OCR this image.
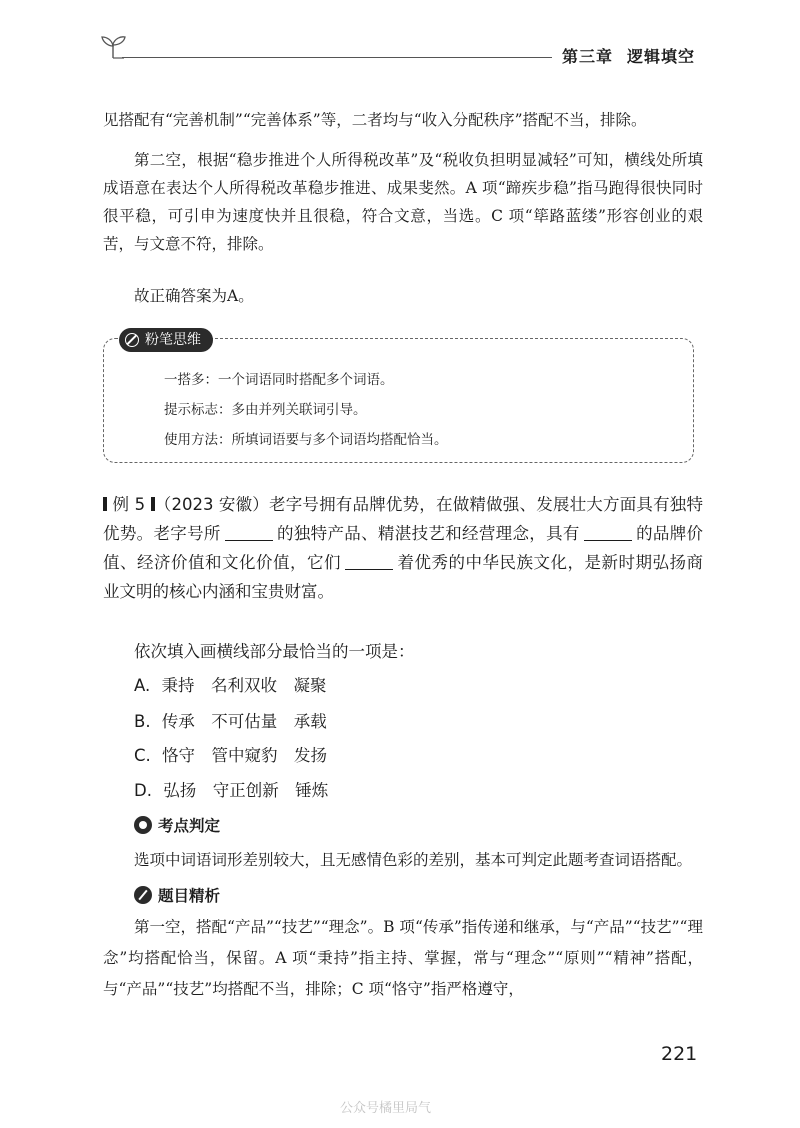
第三章 逻辑填空
见搭配有“完善机制”“完善体系”等，二者均与“收入分配秩序”搭配不当，排除。
第二空，根据“稳步推进个人所得税改革”及“税收负担明显减轻”可知，横线处所填成语意在表达个人所得税改革稳步推进、成果斐然。A 项“蹄疾步稳”指马跑得很快同时很平稳，可引申为速度快并且很稳，符合文意，当选。C 项“筚路蓝缕”形容创业的艰苦，与文意不符，排除。
故正确答案为A。
粉笔思维
一搭多：一个词语同时搭配多个词语。
提示标志：多由并列关联词引导。
使用方法：所填词语要与多个词语均搭配恰当。
例 5 （2023 安徽）老字号拥有品牌优势，在做精做强、发展壮大方面具有独特优势。老字号所	的独特产品、精湛技艺和经营理念，具有	的品牌价值、经济价值和文化价值，它们	着优秀的中华民族文化，是新时期弘扬商业文明的核心内涵和宝贵财富。
依次填入画横线部分最恰当的一项是：
A. 秉持　名利双收　凝聚
B. 传承　不可估量　承载
C. 恪守　管中窥豹　发扬
D. 弘扬　守正创新　锤炼
考点判定
选项中词语词形差别较大，且无感情色彩的差别，基本可判定此题考查词语搭配。
题目精析
第一空，搭配“产品”“技艺”“理念”。B 项“传承”指传递和继承，与“产品”“技艺”“理念”均搭配恰当，保留。A 项“秉持”指主持、掌握，常与“理念”“原则”“精神”搭配，与“产品”“技艺”均搭配不当，排除；C 项“恪守”指严格遵守，
221
公众号橘里局气
